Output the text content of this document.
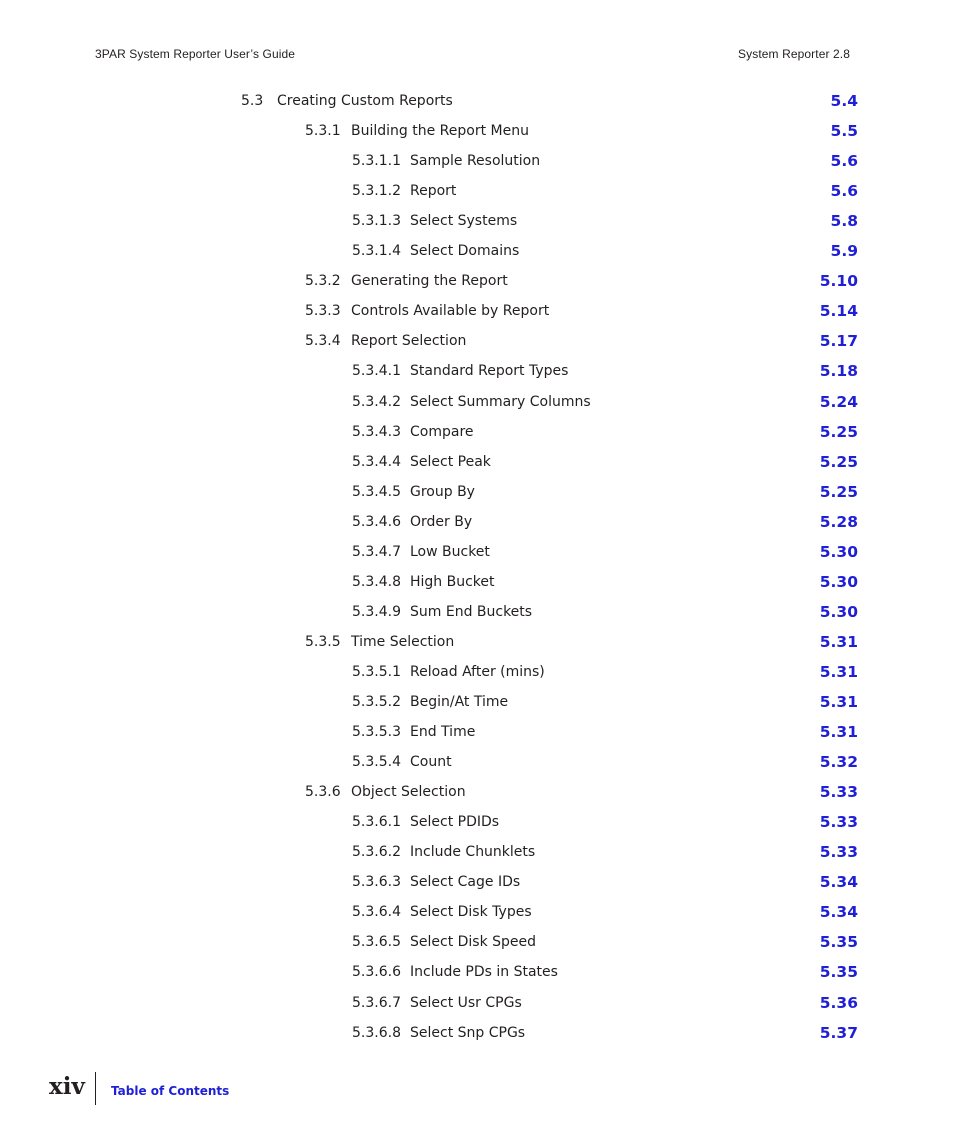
3PAR System Reporter User’s Guide	System Reporter 2.8
5.3 Creating Custom Reports	5.4
5.3.1 Building the Report Menu	5.5
5.3.1.1 Sample Resolution	5.6
5.3.1.2 Report	5.6
5.3.1.3 Select Systems	5.8
5.3.1.4 Select Domains	5.9
5.3.2 Generating the Report	5.10
5.3.3 Controls Available by Report	5.14
5.3.4 Report Selection	5.17
5.3.4.1 Standard Report Types	5.18
5.3.4.2 Select Summary Columns	5.24
5.3.4.3 Compare	5.25
5.3.4.4 Select Peak	5.25
5.3.4.5 Group By	5.25
5.3.4.6 Order By	5.28
5.3.4.7 Low Bucket	5.30
5.3.4.8 High Bucket	5.30
5.3.4.9 Sum End Buckets	5.30
5.3.5 Time Selection	5.31
5.3.5.1 Reload After (mins)	5.31
5.3.5.2 Begin/At Time	5.31
5.3.5.3 End Time	5.31
5.3.5.4 Count	5.32
5.3.6 Object Selection	5.33
5.3.6.1 Select PDIDs	5.33
5.3.6.2 Include Chunklets	5.33
5.3.6.3 Select Cage IDs	5.34
5.3.6.4 Select Disk Types	5.34
5.3.6.5 Select Disk Speed	5.35
5.3.6.6 Include PDs in States	5.35
5.3.6.7 Select Usr CPGs	5.36
5.3.6.8 Select Snp CPGs	5.37
xiv Table of Contents
